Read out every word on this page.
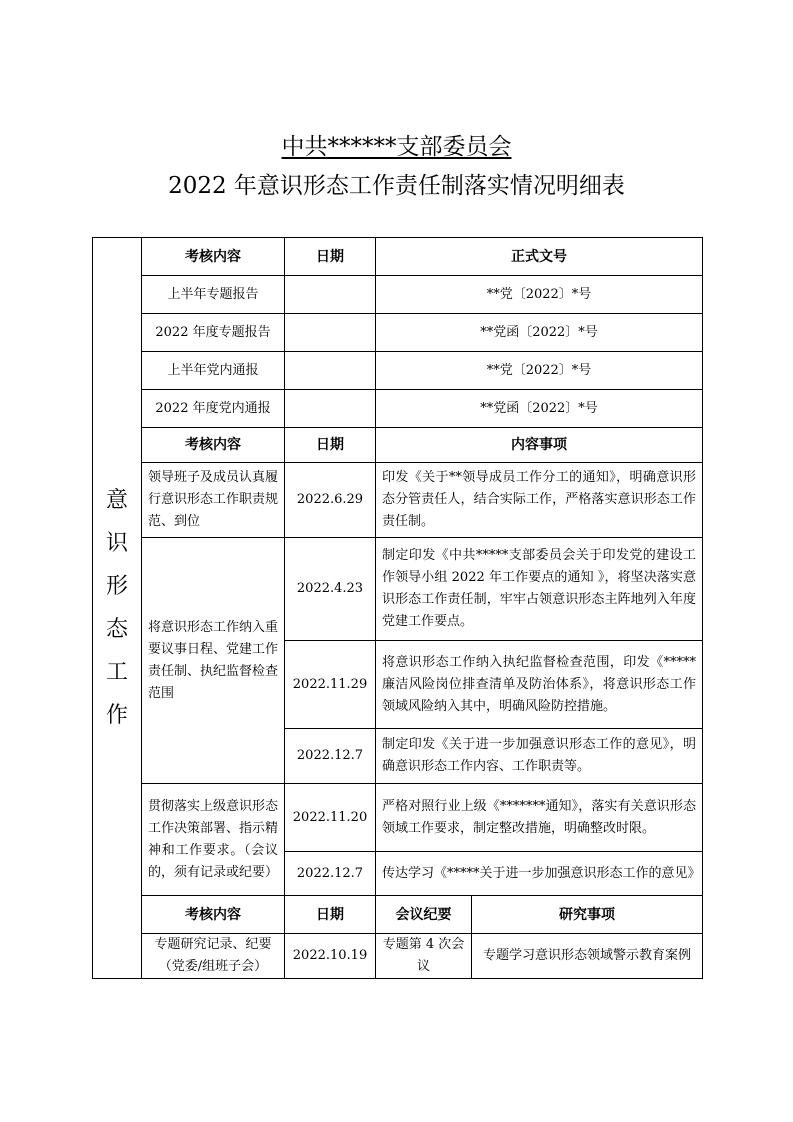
中共******支部委员会
2022 年意识形态工作责任制落实情况明细表
意识形态工作	考核内容	日期	正式文号	
	上半年专题报告		**党〔2022〕*号	
	2022 年度专题报告		**党函〔2022〕*号	
	上半年党内通报		**党〔2022〕*号	
	2022 年度党内通报		**党函〔2022〕*号	
	考核内容	日期	内容事项	
	领导班子及成员认真履行意识形态工作职责规范、到位	2022.6.29	印发《关于**领导成员工作分工的通知》，明确意识形态分管责任人，结合实际工作，严格落实意识形态工作责任制。	
	将意识形态工作纳入重要议事日程、党建工作责任制、执纪监督检查范围	2022.4.23	制定印发《中共*****支部委员会关于印发党的建设工作领导小组 2022 年工作要点的通知 》，将坚决落实意识形态工作责任制，牢牢占领意识形态主阵地列入年度党建工作要点。	
		2022.11.29	将意识形态工作纳入执纪监督检查范围，印发《*****廉洁风险岗位排查清单及防治体系》，将意识形态工作领域风险纳入其中，明确风险防控措施。	
		2022.12.7	制定印发《关于进一步加强意识形态工作的意见》，明确意识形态工作内容、工作职责等。	
	贯彻落实上级意识形态工作决策部署、指示精神和工作要求。（会议的，须有记录或纪要）	2022.11.20	严格对照行业上级《*******通知》，落实有关意识形态领域工作要求，制定整改措施，明确整改时限。	
		2022.12.7	传达学习《*****关于进一步加强意识形态工作的意见》	
	考核内容	日期	会议纪要	研究事项
	专题研究记录、纪要（党委/组班子会）	2022.10.19	专题第 4 次会议	专题学习意识形态领域警示教育案例
